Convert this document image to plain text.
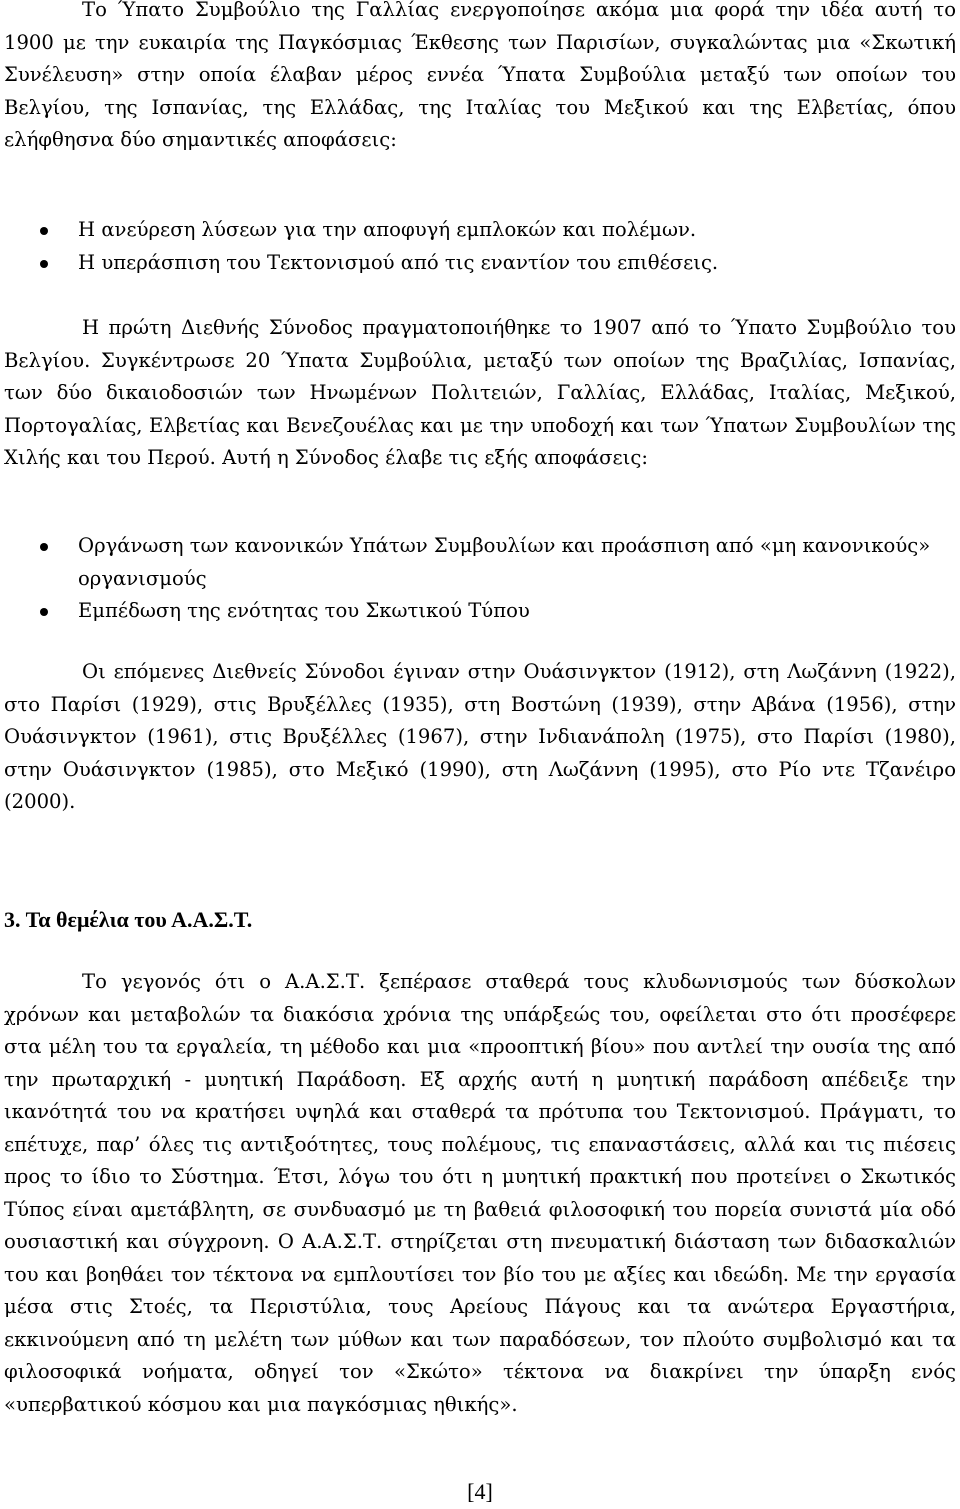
Το Ύπατο Συμβούλιο της Γαλλίας ενεργοποίησε ακόμα μια φορά την ιδέα αυτή το 1900 με την ευκαιρία της Παγκόσμιας Έκθεσης των Παρισίων, συγκαλώντας μια «Σκωτική Συνέλευση» στην οποία έλαβαν μέρος εννέα Ύπατα Συμβούλια μεταξύ των οποίων του Βελγίου, της Ισπανίας, της Ελλάδας, της Ιταλίας του Μεξικού και της Ελβετίας, όπου ελήφθησνα δύο σημαντικές αποφάσεις:

Η ανεύρεση λύσεων για την αποφυγή εμπλοκών και πολέμων.
Η υπεράσπιση του Τεκτονισμού από τις εναντίον του επιθέσεις.

Η πρώτη Διεθνής Σύνοδος πραγματοποιήθηκε το 1907 από το Ύπατο Συμβούλιο του Βελγίου. Συγκέντρωσε 20 Ύπατα Συμβούλια, μεταξύ των οποίων της Βραζιλίας, Ισπανίας, των δύο δικαιοδοσιών των Ηνωμένων Πολιτειών, Γαλλίας, Ελλάδας, Ιταλίας, Μεξικού, Πορτογαλίας, Ελβετίας και Βενεζουέλας και με την υποδοχή και των Ύπατων Συμβουλίων της Χιλής και του Περού. Αυτή η Σύνοδος έλαβε τις εξής αποφάσεις:

Οργάνωση των κανονικών Υπάτων Συμβουλίων και προάσπιση από «μη κανονικούς» οργανισμούς
Εμπέδωση της ενότητας του Σκωτικού Τύπου

Οι επόμενες Διεθνείς Σύνοδοι έγιναν στην Ουάσινγκτον (1912), στη Λωζάννη (1922), στο Παρίσι (1929), στις Βρυξέλλες (1935), στη Βοστώνη (1939), στην Αβάνα (1956), στην Ουάσινγκτον (1961), στις Βρυξέλλες (1967), στην Ινδιανάπολη (1975), στο Παρίσι (1980), στην Ουάσινγκτον (1985), στο Μεξικό (1990), στη Λωζάννη (1995), στο Ρίο ντε Τζανέιρο (2000).

3. Τα θεμέλια του Α.Α.Σ.Τ.

Το γεγονός ότι ο Α.Α.Σ.Τ. ξεπέρασε σταθερά τους κλυδωνισμούς των δύσκολων χρόνων και μεταβολών τα διακόσια χρόνια της υπάρξεώς του, οφείλεται στο ότι προσέφερε στα μέλη του τα εργαλεία, τη μέθοδο και μια «προοπτική βίου» που αντλεί την ουσία της από την πρωταρχική - μυητική Παράδοση. Εξ αρχής αυτή η μυητική παράδοση απέδειξε την ικανότητά του να κρατήσει υψηλά και σταθερά τα πρότυπα του Τεκτονισμού. Πράγματι, το επέτυχε, παρ’ όλες τις αντιξοότητες, τους πολέμους, τις επαναστάσεις, αλλά και τις πιέσεις προς το ίδιο το Σύστημα. Έτσι, λόγω του ότι η μυητική πρακτική που προτείνει ο Σκωτικός Τύπος είναι αμετάβλητη, σε συνδυασμό με τη βαθειά φιλοσοφική του πορεία συνιστά μία οδό ουσιαστική και σύγχρονη. Ο Α.Α.Σ.Τ. στηρίζεται στη πνευματική διάσταση των διδασκαλιών του και βοηθάει τον τέκτονα να εμπλουτίσει τον βίο του με αξίες και ιδεώδη. Με την εργασία μέσα στις Στοές, τα Περιστύλια, τους Αρείους Πάγους και τα ανώτερα Εργαστήρια, εκκινούμενη από τη μελέτη των μύθων και των παραδόσεων, τον πλούτο συμβολισμό και τα φιλοσοφικά νοήματα, οδηγεί τον «Σκώτο» τέκτονα να διακρίνει την ύπαρξη ενός «υπερβατικού κόσμου και μια παγκόσμιας ηθικής».

[4]
